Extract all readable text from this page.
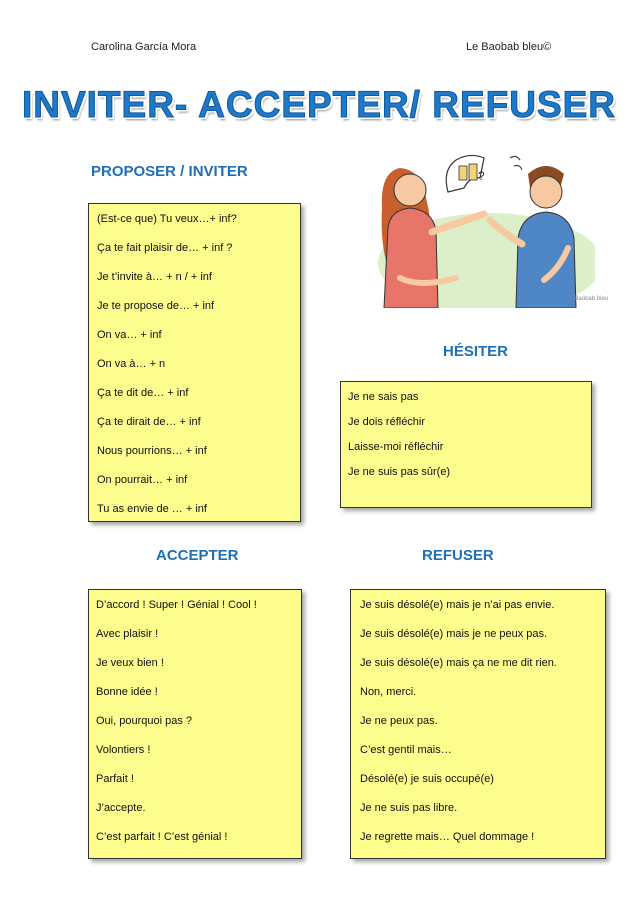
Carolina García Mora	Le Baobab bleu©
INVITER- ACCEPTER/ REFUSER
PROPOSER / INVITER
(Est-ce que) Tu veux…+ inf?
Ça te fait plaisir de… + inf ?
Je t’invite à… + n / + inf
Je te propose de… + inf
On va… + inf
On va à… + n
Ça te dit de… + inf
Ça te dirait de… + inf
Nous pourrions… + inf
On pourrait… + inf
Tu as envie de … + inf
?
©Baobab bleu
HÉSITER
Je ne sais pas
Je dois réfléchir
Laisse-moi réfléchir
Je ne suis pas sûr(e)
ACCEPTER
D’accord ! Super ! Génial ! Cool !
Avec plaisir !
Je veux bien !
Bonne idée !
Oui, pourquoi pas ?
Volontiers !
Parfait !
J’accepte.
C’est parfait ! C’est génial !
REFUSER
Je suis désolé(e) mais je n’ai pas envie.
Je suis désolé(e) mais je ne peux pas.
Je suis désolé(e) mais ça ne me dit rien.
Non, merci.
Je ne peux pas.
C’est gentil mais…
Désolé(e) je suis occupé(e)
Je ne suis pas libre.
Je regrette mais… Quel dommage !
